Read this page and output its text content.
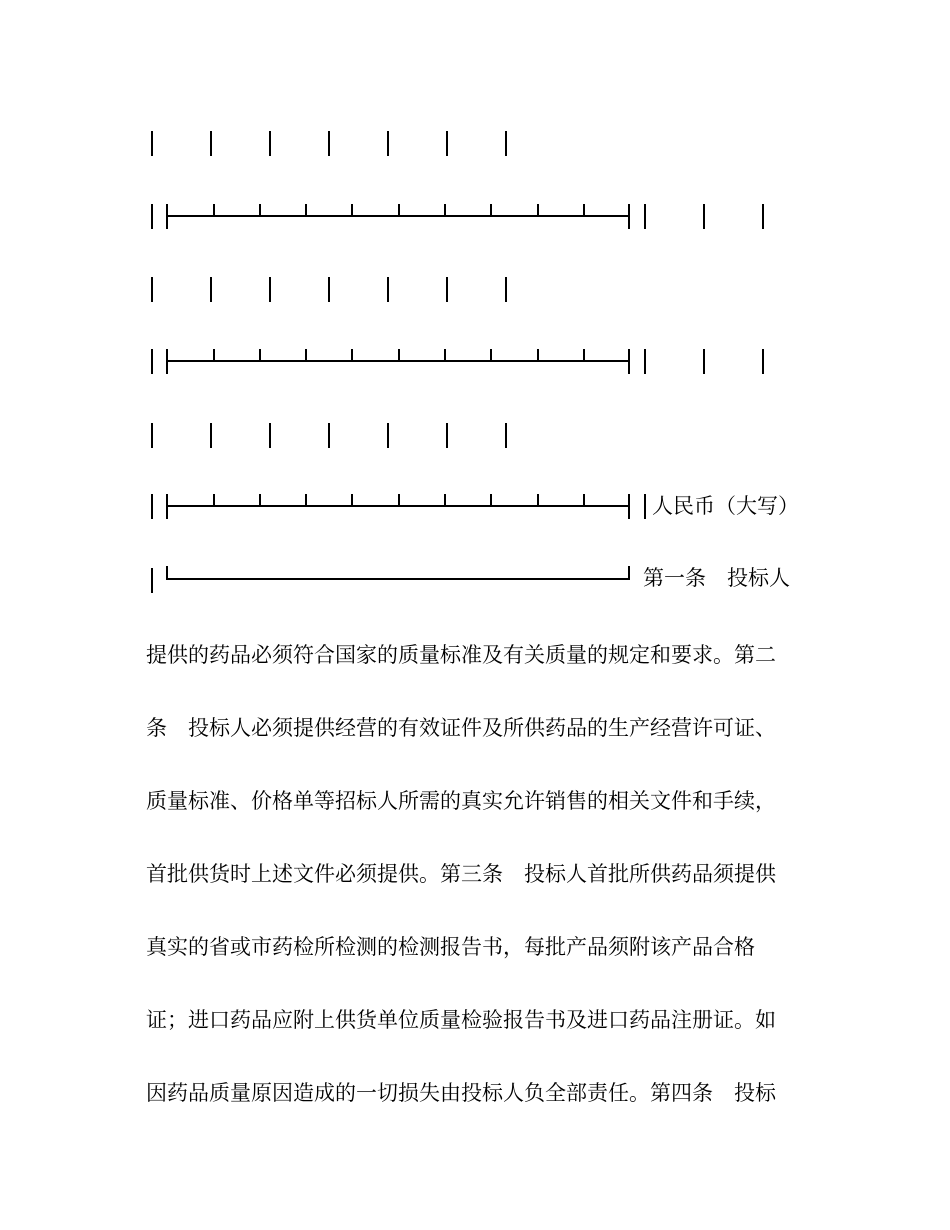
人民币（大写）
第一条　投标人
提供的药品必须符合国家的质量标准及有关质量的规定和要求。第二
条　投标人必须提供经营的有效证件及所供药品的生产经营许可证、
质量标准、价格单等招标人所需的真实允许销售的相关文件和手续，
首批供货时上述文件必须提供。第三条　投标人首批所供药品须提供
真实的省或市药检所检测的检测报告书，每批产品须附该产品合格
证；进口药品应附上供货单位质量检验报告书及进口药品注册证。如
因药品质量原因造成的一切损失由投标人负全部责任。第四条　投标
